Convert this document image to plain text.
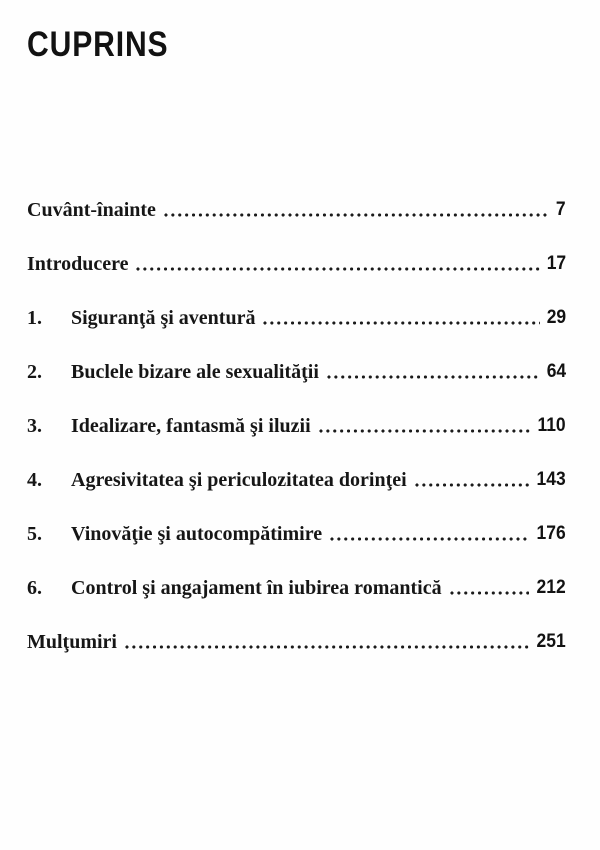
CUPRINS
Cuvânt-înainte	7
Introducere	17
1.	Siguranţă şi aventură	29
2.	Buclele bizare ale sexualităţii	64
3.	Idealizare, fantasmă şi iluzii	110
4.	Agresivitatea şi periculozitatea dorinţei	143
5.	Vinovăţie şi autocompătimire	176
6.	Control şi angajament în iubirea romantică	212
Mulţumiri	251
